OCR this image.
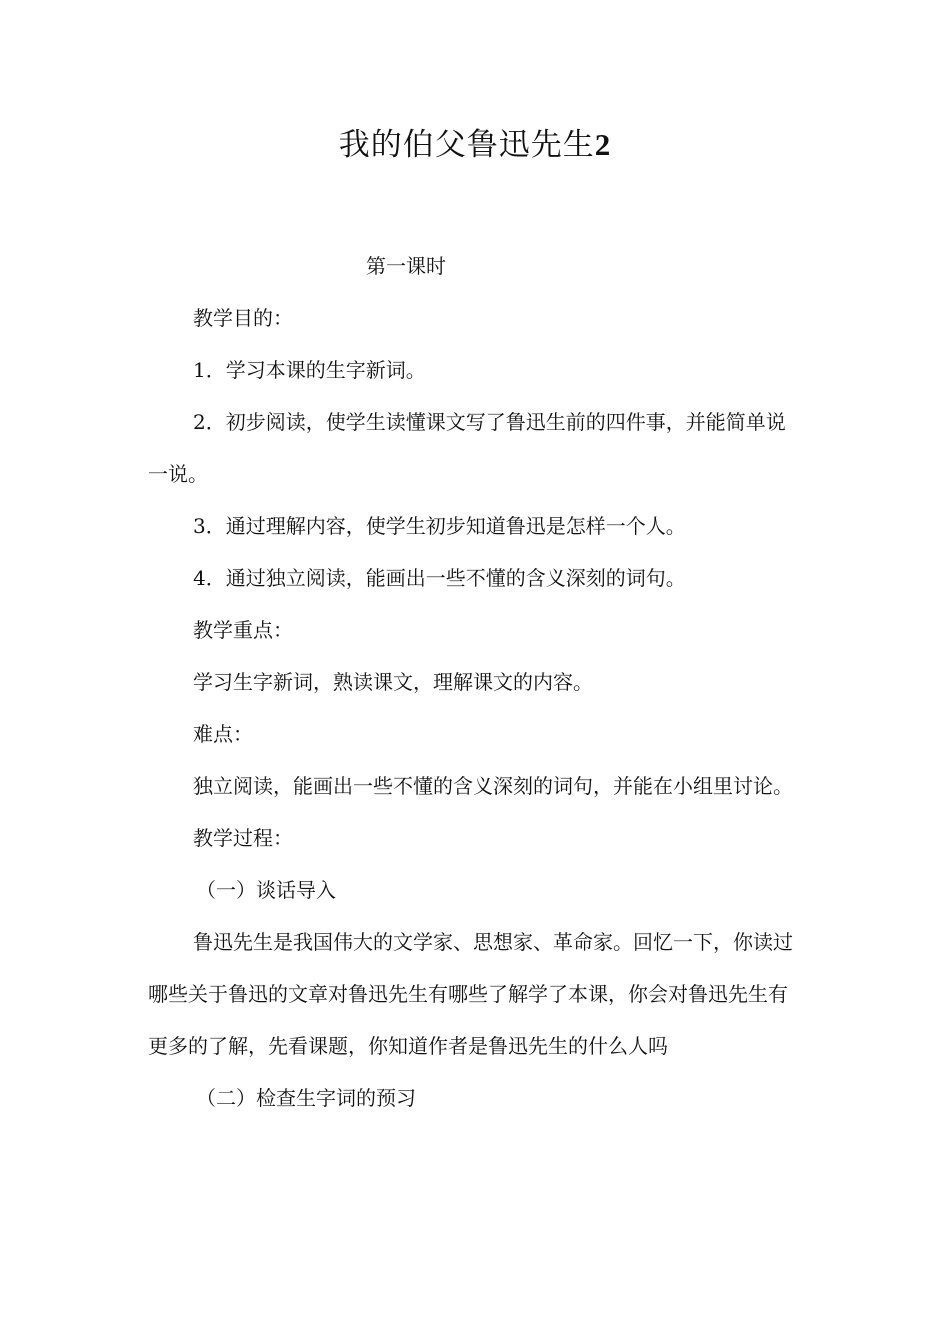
我的伯父鲁迅先生2

第一课时

教学目的：

1．学习本课的生字新词。

2．初步阅读，使学生读懂课文写了鲁迅生前的四件事，并能简单说一说。

3．通过理解内容，使学生初步知道鲁迅是怎样一个人。

4．通过独立阅读，能画出一些不懂的含义深刻的词句。

教学重点：

学习生字新词，熟读课文，理解课文的内容。

难点：

独立阅读，能画出一些不懂的含义深刻的词句，并能在小组里讨论。

教学过程：

（一）谈话导入

鲁迅先生是我国伟大的文学家、思想家、革命家。回忆一下，你读过哪些关于鲁迅的文章对鲁迅先生有哪些了解学了本课，你会对鲁迅先生有更多的了解，先看课题，你知道作者是鲁迅先生的什么人吗

（二）检查生字词的预习
